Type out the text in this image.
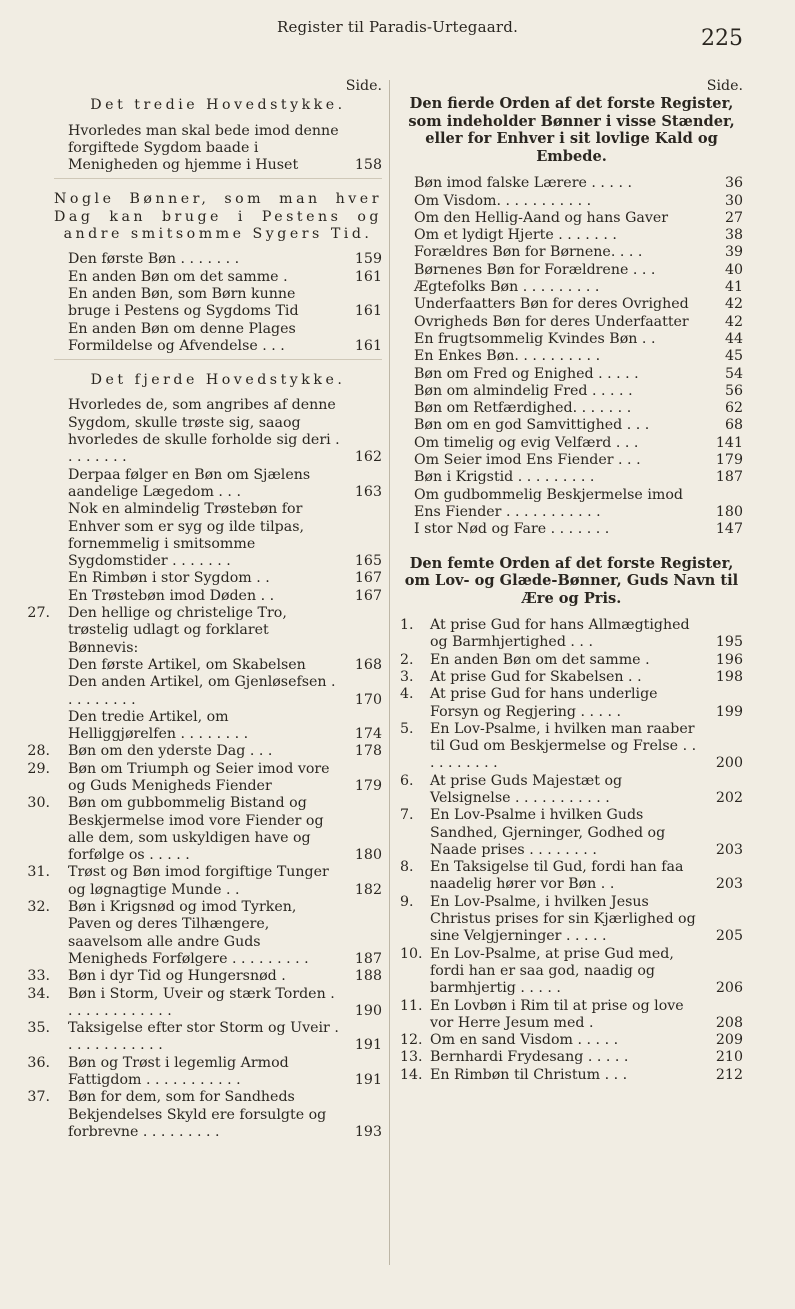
Register til Paradis-Urtegaard.	225
Side.
Det tredie Hovedstykke.
Hvorledes man skal bede imod denne forgiftede Sygdom baade i Menigheden og hjemme i Huset	158
Nogle Bønner, som man hver Dag kan bruge i Pestens og andre smitsomme Sygers Tid.
Den første Bøn . . . . . . .	159
En anden Bøn om det samme .	161
En anden Bøn, som Børn kunne bruge i Pestens og Sygdoms Tid	161
En anden Bøn om denne Plages Formildelse og Afvendelse . . .	161
Det fjerde Hovedstykke.
Hvorledes de, som angribes af denne Sygdom, skulle trøste sig, saaog hvorledes de skulle forholde sig deri . . . . . . . .	162
Derpaa følger en Bøn om Sjælens aandelige Lægedom . . .	163
Nok en almindelig Trøstebøn for Enhver som er syg og ilde tilpas, fornemmelig i smitsomme Sygdomstider . . . . . . .	165
En Rimbøn i stor Sygdom . .	167
En Trøstebøn imod Døden . .	167
27.	Den hellige og christelige Tro, trøstelig udlagt og forklaret Bønnevis:
Den første Artikel, om Skabelsen	168
Den anden Artikel, om Gjenløsefsen . . . . . . . . .	170
Den tredie Artikel, om Helliggjørelfen . . . . . . . .	174
28.	Bøn om den yderste Dag . . .	178
29.	Bøn om Triumph og Seier imod vore og Guds Menigheds Fiender	179
30.	Bøn om gubbommelig Bistand og Beskjermelse imod vore Fiender og alle dem, som uskyldigen have og forfølge os . . . . .	180
31.	Trøst og Bøn imod forgiftige Tunger og løgnagtige Munde . .	182
32.	Bøn i Krigsnød og imod Tyrken, Paven og deres Tilhængere, saavelsom alle andre Guds Menigheds Forfølgere . . . . . . . . .	187
33.	Bøn i dyr Tid og Hungersnød .	188
34.	Bøn i Storm, Uveir og stærk Torden . . . . . . . . . . . . .	190
35.	Taksigelse efter stor Storm og Uveir . . . . . . . . . . . .	191
36.	Bøn og Trøst i legemlig Armod Fattigdom . . . . . . . . . . .	191
37.	Bøn for dem, som for Sandheds Bekjendelses Skyld ere forsulgte og forbrevne . . . . . . . . .	193
Side.
Den fierde Orden af det forste Register, som indeholder Bønner i visse Stænder, eller for Enhver i sit lovlige Kald og Embede.
Bøn imod falske Lærere . . . . .	36
Om Visdom. . . . . . . . . . .	30
Om den Hellig-Aand og hans Gaver	27
Om et lydigt Hjerte . . . . . . .	38
Forældres Bøn for Børnene. . . .	39
Børnenes Bøn for Forældrene . . .	40
Ægtefolks Bøn . . . . . . . . .	41
Underfaatters Bøn for deres Ovrighed	42
Ovrigheds Bøn for deres Underfaatter	42
En frugtsommelig Kvindes Bøn . .	44
En Enkes Bøn. . . . . . . . . .	45
Bøn om Fred og Enighed . . . . .	54
Bøn om almindelig Fred . . . . .	56
Bøn om Retfærdighed. . . . . . .	62
Bøn om en god Samvittighed . . .	68
Om timelig og evig Velfærd . . .	141
Om Seier imod Ens Fiender . . .	179
Bøn i Krigstid . . . . . . . . .	187
Om gudbommelig Beskjermelse imod Ens Fiender . . . . . . . . . . .	180
I stor Nød og Fare . . . . . . .	147
Den femte Orden af det forste Register, om Lov- og Glæde-Bønner, Guds Navn til Ære og Pris.
1.	At prise Gud for hans Allmægtighed og Barmhjertighed . . .	195
2.	En anden Bøn om det samme .	196
3.	At prise Gud for Skabelsen . .	198
4.	At prise Gud for hans underlige Forsyn og Regjering . . . . .	199
5.	En Lov-Psalme, i hvilken man raaber til Gud om Beskjermelse og Frelse . . . . . . . . . .	200
6.	At prise Guds Majestæt og Velsignelse . . . . . . . . . . .	202
7.	En Lov-Psalme i hvilken Guds Sandhed, Gjerninger, Godhed og Naade prises . . . . . . . .	203
8.	En Taksigelse til Gud, fordi han faa naadelig hører vor Bøn . .	203
9.	En Lov-Psalme, i hvilken Jesus Christus prises for sin Kjærlighed og sine Velgjerninger . . . . .	205
10. En Lov-Psalme, at prise Gud med, fordi han er saa god, naadig og barmhjertig . . . . .	206
11. En Lovbøn i Rim til at prise og love vor Herre Jesum med .	208
12. Om en sand Visdom . . . . .	209
13. Bernhardi Frydesang . . . . .	210
14. En Rimbøn til Christum . . .	212
